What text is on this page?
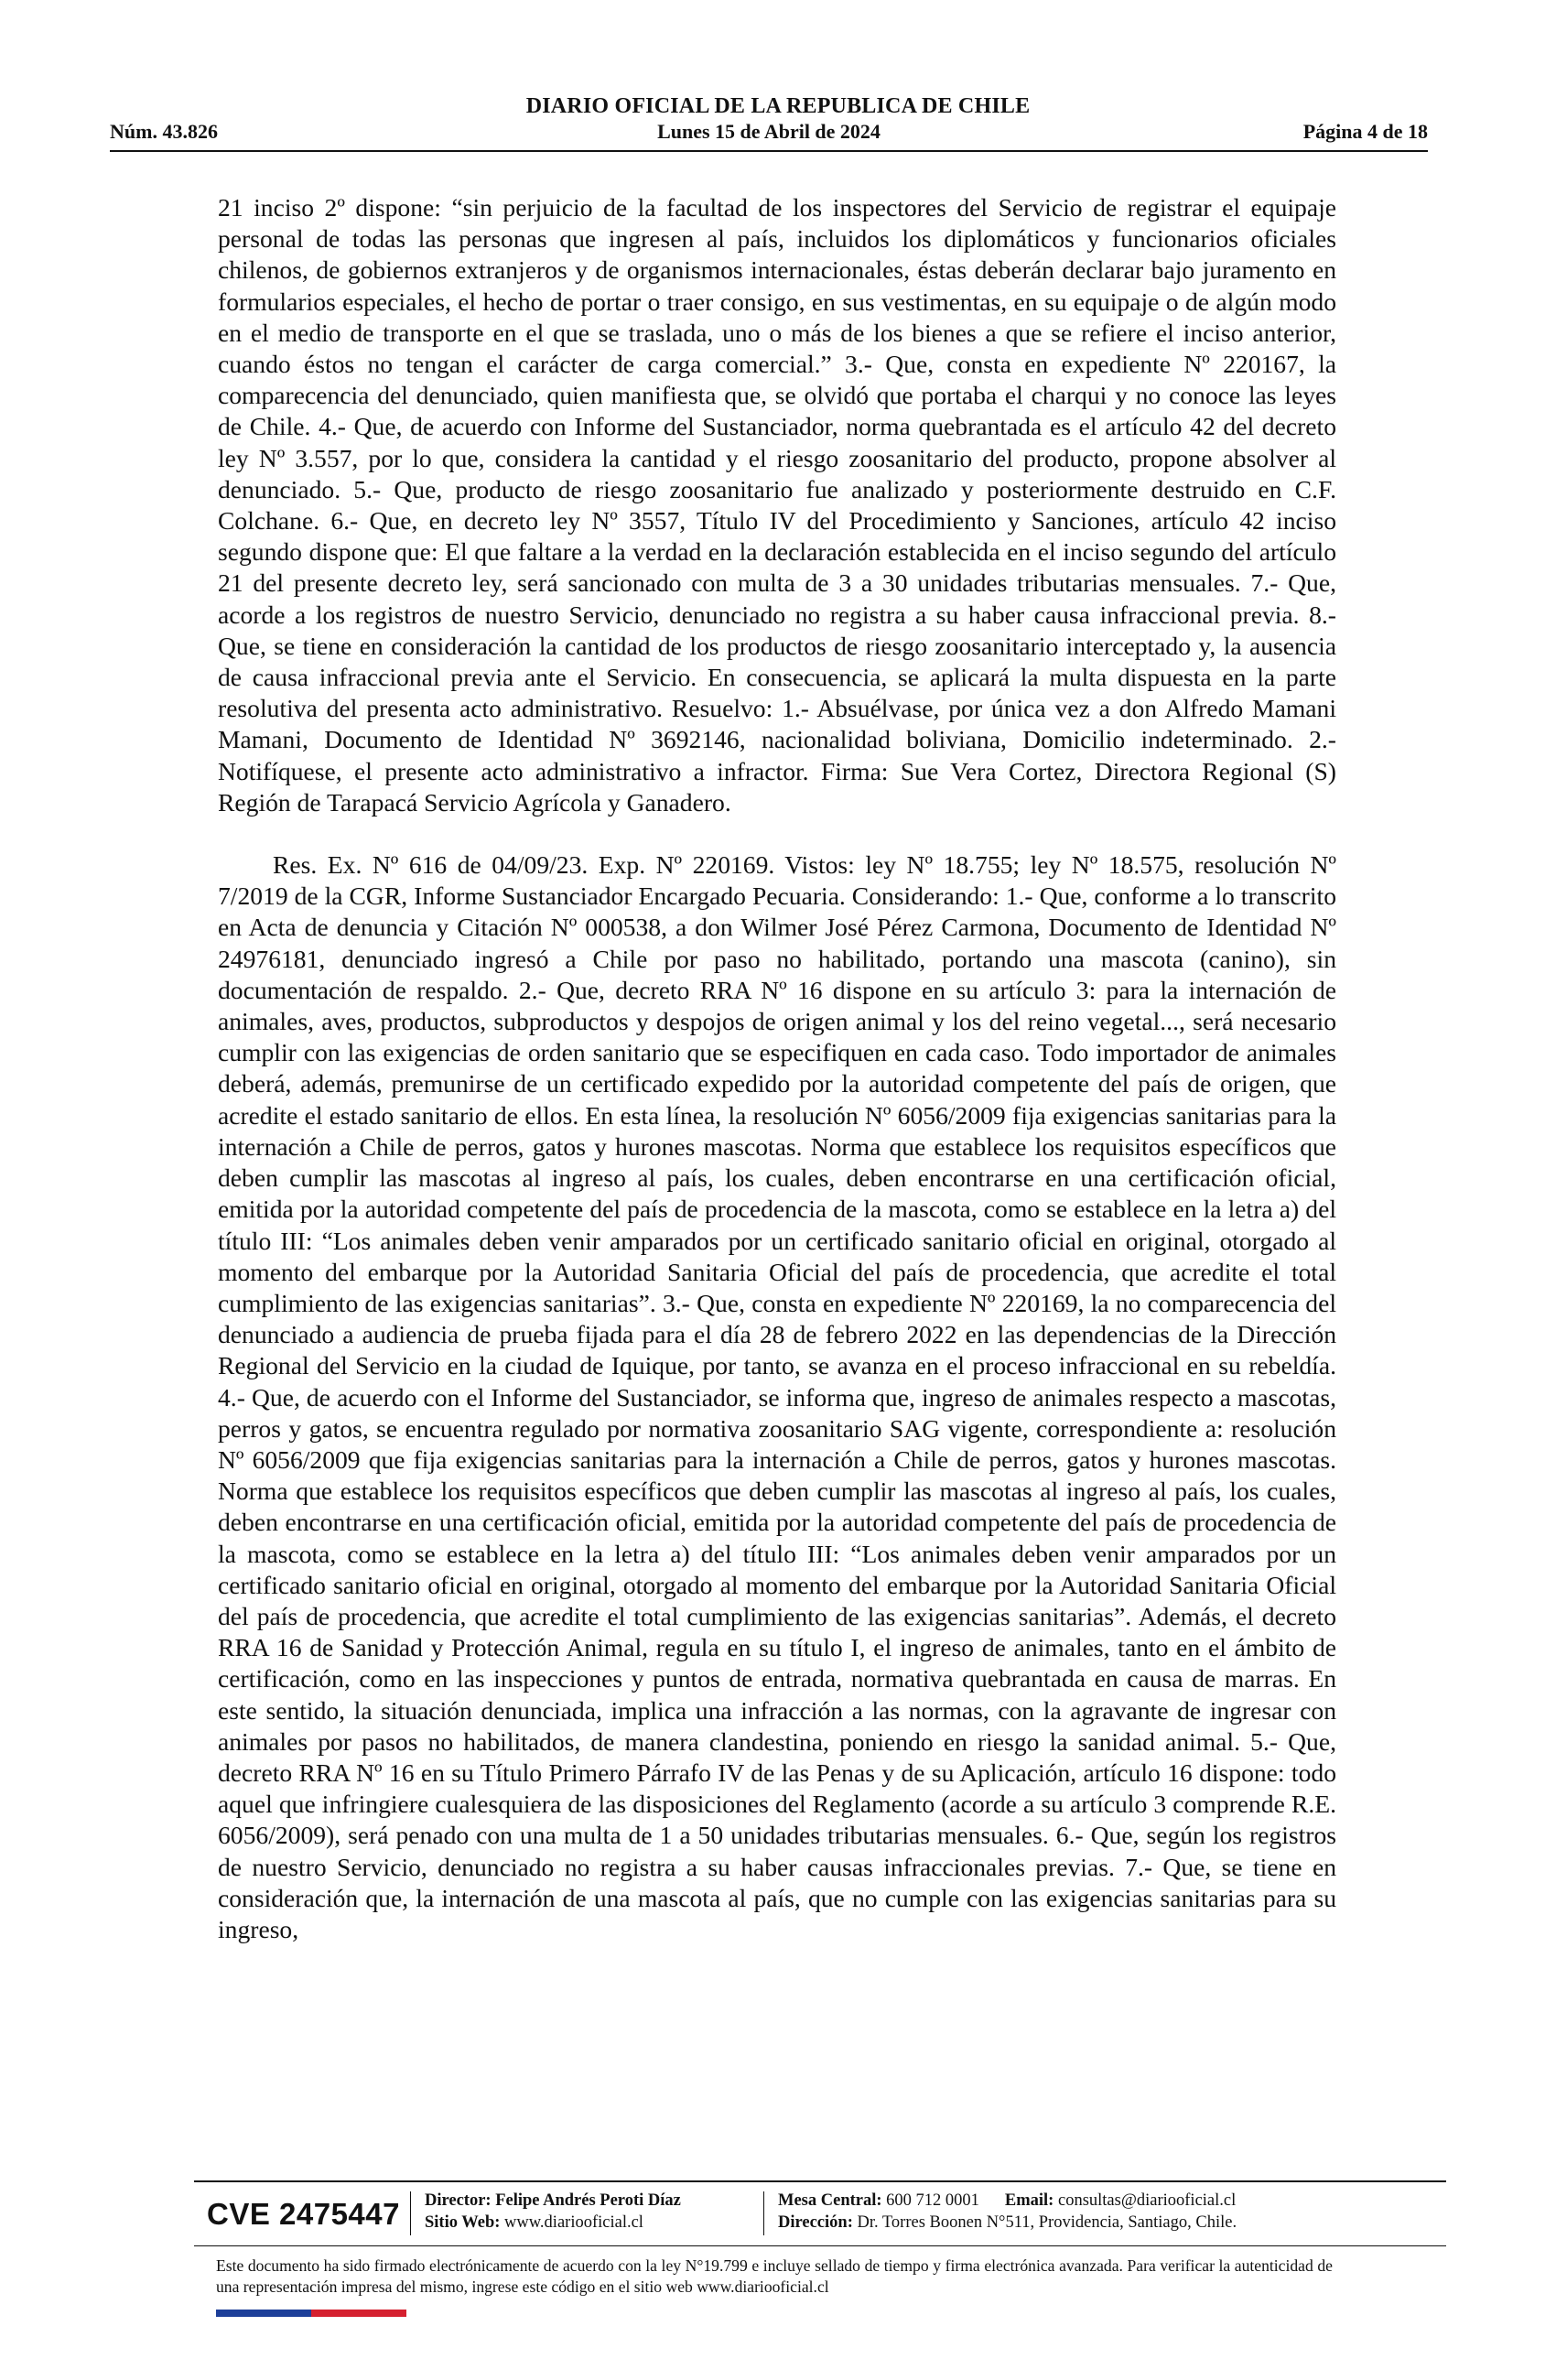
DIARIO OFICIAL DE LA REPUBLICA DE CHILE
Núm. 43.826	Lunes 15 de Abril de 2024	Página 4 de 18

21 inciso 2º dispone: “sin perjuicio de la facultad de los inspectores del Servicio de registrar el equipaje personal de todas las personas que ingresen al país, incluidos los diplomáticos y funcionarios oficiales chilenos, de gobiernos extranjeros y de organismos internacionales, éstas deberán declarar bajo juramento en formularios especiales, el hecho de portar o traer consigo, en sus vestimentas, en su equipaje o de algún modo en el medio de transporte en el que se traslada, uno o más de los bienes a que se refiere el inciso anterior, cuando éstos no tengan el carácter de carga comercial.” 3.- Que, consta en expediente Nº 220167, la comparecencia del denunciado, quien manifiesta que, se olvidó que portaba el charqui y no conoce las leyes de Chile. 4.- Que, de acuerdo con Informe del Sustanciador, norma quebrantada es el artículo 42 del decreto ley Nº 3.557, por lo que, considera la cantidad y el riesgo zoosanitario del producto, propone absolver al denunciado. 5.- Que, producto de riesgo zoosanitario fue analizado y posteriormente destruido en C.F. Colchane. 6.- Que, en decreto ley Nº 3557, Título IV del Procedimiento y Sanciones, artículo 42 inciso segundo dispone que: El que faltare a la verdad en la declaración establecida en el inciso segundo del artículo 21 del presente decreto ley, será sancionado con multa de 3 a 30 unidades tributarias mensuales. 7.- Que, acorde a los registros de nuestro Servicio, denunciado no registra a su haber causa infraccional previa. 8.- Que, se tiene en consideración la cantidad de los productos de riesgo zoosanitario interceptado y, la ausencia de causa infraccional previa ante el Servicio. En consecuencia, se aplicará la multa dispuesta en la parte resolutiva del presenta acto administrativo. Resuelvo: 1.- Absuélvase, por única vez a don Alfredo Mamani Mamani, Documento de Identidad Nº 3692146, nacionalidad boliviana, Domicilio indeterminado. 2.- Notifíquese, el presente acto administrativo a infractor. Firma: Sue Vera Cortez, Directora Regional (S) Región de Tarapacá Servicio Agrícola y Ganadero.

Res. Ex. Nº 616 de 04/09/23. Exp. Nº 220169. Vistos: ley Nº 18.755; ley Nº 18.575, resolución Nº 7/2019 de la CGR, Informe Sustanciador Encargado Pecuaria. Considerando: 1.- Que, conforme a lo transcrito en Acta de denuncia y Citación Nº 000538, a don Wilmer José Pérez Carmona, Documento de Identidad Nº 24976181, denunciado ingresó a Chile por paso no habilitado, portando una mascota (canino), sin documentación de respaldo. 2.- Que, decreto RRA Nº 16 dispone en su artículo 3: para la internación de animales, aves, productos, subproductos y despojos de origen animal y los del reino vegetal..., será necesario cumplir con las exigencias de orden sanitario que se especifiquen en cada caso. Todo importador de animales deberá, además, premunirse de un certificado expedido por la autoridad competente del país de origen, que acredite el estado sanitario de ellos. En esta línea, la resolución Nº 6056/2009 fija exigencias sanitarias para la internación a Chile de perros, gatos y hurones mascotas. Norma que establece los requisitos específicos que deben cumplir las mascotas al ingreso al país, los cuales, deben encontrarse en una certificación oficial, emitida por la autoridad competente del país de procedencia de la mascota, como se establece en la letra a) del título III: “Los animales deben venir amparados por un certificado sanitario oficial en original, otorgado al momento del embarque por la Autoridad Sanitaria Oficial del país de procedencia, que acredite el total cumplimiento de las exigencias sanitarias”. 3.- Que, consta en expediente Nº 220169, la no comparecencia del denunciado a audiencia de prueba fijada para el día 28 de febrero 2022 en las dependencias de la Dirección Regional del Servicio en la ciudad de Iquique, por tanto, se avanza en el proceso infraccional en su rebeldía. 4.- Que, de acuerdo con el Informe del Sustanciador, se informa que, ingreso de animales respecto a mascotas, perros y gatos, se encuentra regulado por normativa zoosanitario SAG vigente, correspondiente a: resolución Nº 6056/2009 que fija exigencias sanitarias para la internación a Chile de perros, gatos y hurones mascotas. Norma que establece los requisitos específicos que deben cumplir las mascotas al ingreso al país, los cuales, deben encontrarse en una certificación oficial, emitida por la autoridad competente del país de procedencia de la mascota, como se establece en la letra a) del título III: “Los animales deben venir amparados por un certificado sanitario oficial en original, otorgado al momento del embarque por la Autoridad Sanitaria Oficial del país de procedencia, que acredite el total cumplimiento de las exigencias sanitarias”. Además, el decreto RRA 16 de Sanidad y Protección Animal, regula en su título I, el ingreso de animales, tanto en el ámbito de certificación, como en las inspecciones y puntos de entrada, normativa quebrantada en causa de marras. En este sentido, la situación denunciada, implica una infracción a las normas, con la agravante de ingresar con animales por pasos no habilitados, de manera clandestina, poniendo en riesgo la sanidad animal. 5.- Que, decreto RRA Nº 16 en su Título Primero Párrafo IV de las Penas y de su Aplicación, artículo 16 dispone: todo aquel que infringiere cualesquiera de las disposiciones del Reglamento (acorde a su artículo 3 comprende R.E. 6056/2009), será penado con una multa de 1 a 50 unidades tributarias mensuales. 6.- Que, según los registros de nuestro Servicio, denunciado no registra a su haber causas infraccionales previas. 7.- Que, se tiene en consideración que, la internación de una mascota al país, que no cumple con las exigencias sanitarias para su ingreso,

CVE 2475447 Director: Felipe Andrés Peroti Díaz
Sitio Web: www.diariooficial.cl
Mesa Central: 600 712 0001 Email: consultas@diariooficial.cl
Dirección: Dr. Torres Boonen N°511, Providencia, Santiago, Chile.
Este documento ha sido firmado electrónicamente de acuerdo con la ley N°19.799 e incluye sellado de tiempo y firma electrónica avanzada. Para verificar la autenticidad de una representación impresa del mismo, ingrese este código en el sitio web www.diariooficial.cl
